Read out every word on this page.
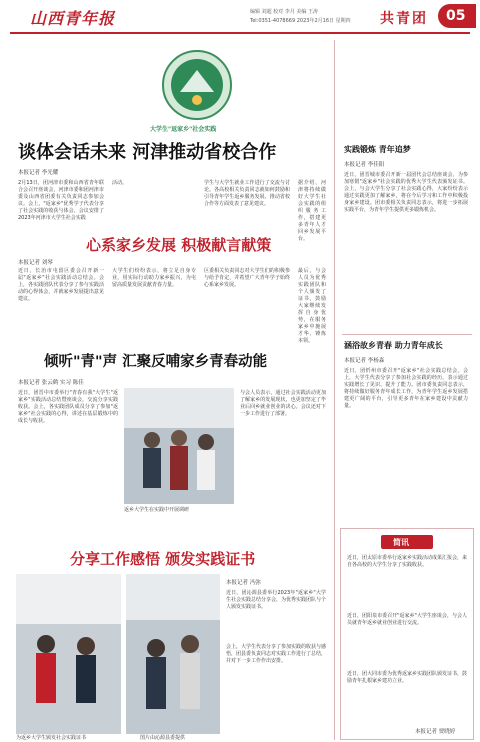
山西青年报	编辑 刘超 校对 李月 美编 王涛
Tel:0351-4078669 2023年2月16日 星期四 共青团 05
大学生"返家乡"社会实践
谈体会话未来 河津推动省校合作
本报记者 李光耀
2月13日，团河津市委和山西省青年联合会召开座谈会，河津市委和团河津市委及山西省团委有关负责同志参加会议。会上，"返家乡"优秀学子代表分享了社会实践的收获与体会，会议安排了2023年河津市大学生社会实践
活动。	学生与大学生就业工作进行了交流与讨论。各高校相关负责同志就如何鼓励和引导青年学生返乡服务发展、推动省校合作等方面发表了意见建议。
据介绍，河津将持续做好大学生社会实践的组织服务工作，搭建更多青年人才回乡发展平台。
心系家乡发展 积极献言献策
本报记者 刘琴
近日，长治市屯留区委会召开新一届"返家乡"社会实践活动总结会。会上，各实践团队代表分享了参与实践活动的心得体会，并就家乡发展提出意见建议。
大学生们纷纷表示，将立足自身专业，用实际行动助力家乡振兴，为屯留高质量发展贡献青春力量。
区委相关负责同志对大学生们的积极参与给予肯定，并希望广大青年学子始终心系家乡发展。
最后，与会人员为优秀实践团队和个人颁发了证书，鼓励大家继续发挥自身优势，在服务家乡中施展才华、锤炼本领。
倾听"青"声 汇聚反哺家乡青春动能
本报记者 张云鹤 实习 陈佳
近日，团晋中市委举行"青春有我"大学生"返家乡"实践活动总结暨座谈会，交流分享实践收获。会上，各实践团队成员分享了参加"返家乡"社会实践的心得，讲述在基层锻炼中的成长与收获。
返乡大学生在实践中开展调研
与会人员表示，通过社会实践活动更加了解家乡的发展现状，也更加坚定了毕业后回乡就业创业的决心。会议还对下一步工作进行了部署。
分享工作感悟 颁发实践证书
为返乡大学生颁发社会实践证书	图片由沁源县委提供
本报记者 冯弥
近日，团沁源县委举行2023年"返家乡"大学生社会实践总结分享会，为优秀实践团队与个人颁发实践证书。
会上，大学生代表分享了参加实践的收获与感悟，团县委负责同志对实践工作进行了总结，并对下一步工作作出安排。
实践锻炼 青年追梦
本报记者 李佳阳
近日，团晋城市委召开新一届团代会总结座谈会，为参加寒假"返家乡"社会实践的优秀大学生代表颁发证书。会上，与会大学生分享了社会实践心得，大家纷纷表示通过实践更加了解家乡，将在今后学习和工作中积极投身家乡建设。团市委相关负责同志表示，将进一步拓展实践平台，为青年学生提供更多锻炼机会。
涵浴故乡青春 助力青年成长
本报记者 李杨森
近日，团忻州市委召开"返家乡"社会实践总结会。会上，大学生代表分享了参加社会实践的经历，表示通过实践增长了见识、提升了能力。团市委负责同志表示，将持续做好服务青年成长工作，为青年学生返乡发展搭建更广阔的平台，引导更多青年在家乡建设中贡献力量。
简讯
近日，团太原市委举行返家乡实践活动成果汇报会，来自各高校的大学生分享了实践收获。
近日，团阳泉市委召开"返家乡"大学生座谈会，与会人员就青年返乡就业创业进行交流。
近日，团大同市委为优秀返家乡实践团队颁发证书，鼓励青年扎根家乡建功立业。
本报记者 贾晓婷
